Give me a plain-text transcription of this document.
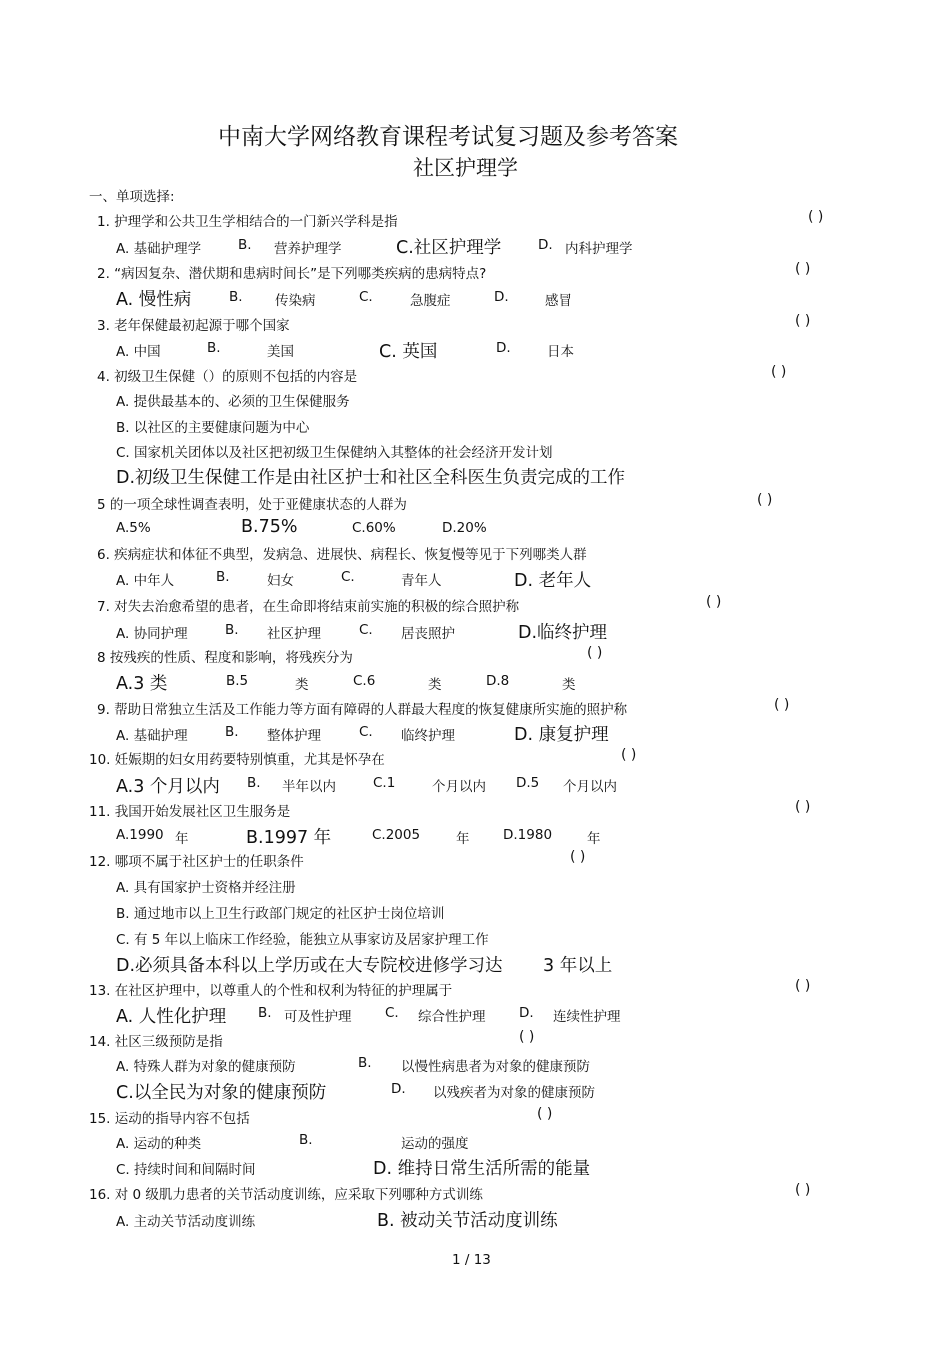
中南大学网络教育课程考试复习题及参考答案
社区护理学
一、单项选择:
1. 护理学和公共卫生学相结合的一门新兴学科是指	( )
A. 基础护理学	B. 营养护理学	C.社区护理学	D. 内科护理学
2. “病因复杂、潜伏期和患病时间长”是下列哪类疾病的患病特点?	( )
A. 慢性病	B. 传染病	C.	急腹症	D.	感冒
3. 老年保健最初起源于哪个国家	( )
A. 中国	B.	美国	C. 英国	D.	日本
4. 初级卫生保健（）的原则不包括的内容是	( )
A. 提供最基本的、必须的卫生保健服务
B. 以社区的主要健康问题为中心
C. 国家机关团体以及社区把初级卫生保健纳入其整体的社会经济开发计划
D.初级卫生保健工作是由社区护士和社区全科医生负责完成的工作
5 的一项全球性调查表明，处于亚健康状态的人群为	( )
A.5%	B.75%	C.60%	D.20%
6. 疾病症状和体征不典型，发病急、进展快、病程长、恢复慢等见于下列哪类人群
A. 中年人	B.	妇女	C.	青年人	D. 老年人
7. 对失去治愈希望的患者，在生命即将结束前实施的积极的综合照护称	( )
A. 协同护理	B. 社区护理	C. 居丧照护	D.临终护理
8 按残疾的性质、程度和影响，将残疾分为	( )
A.3 类	B.5	类	C.6	类	D.8	类
9. 帮助日常独立生活及工作能力等方面有障碍的人群最大程度的恢复健康所实施的照护称	( )
A. 基础护理	B. 整体护理	C. 临终护理	D. 康复护理
10. 妊娠期的妇女用药要特别慎重，尤其是怀孕在	( )
A.3 个月以内 B. 半年以内	C.1	个月以内 D.5 个月以内
11. 我国开始发展社区卫生服务是	( )
A.1990 年	B.1997 年	C.2005	年 D.1980	年
12. 哪项不属于社区护士的任职条件	( )
A. 具有国家护士资格并经注册
B. 通过地市以上卫生行政部门规定的社区护士岗位培训
C. 有 5 年以上临床工作经验，能独立从事家访及居家护理工作
D.必须具备本科以上学历或在大专院校进修学习达 3 年以上
13. 在社区护理中，以尊重人的个性和权利为特征的护理属于	( )
A. 人性化护理 B. 可及性护理 C. 综合性护理 D. 连续性护理
14. 社区三级预防是指	( )
A. 特殊人群为对象的健康预防	B. 以慢性病患者为对象的健康预防
C.以全民为对象的健康预防	D. 以残疾者为对象的健康预防
15. 运动的指导内容不包括	( )
A. 运动的种类	B.	运动的强度
C. 持续时间和间隔时间	D. 维持日常生活所需的能量
16. 对 0 级肌力患者的关节活动度训练，应采取下列哪种方式训练	( )
A. 主动关节活动度训练	B. 被动关节活动度训练
1 / 13
